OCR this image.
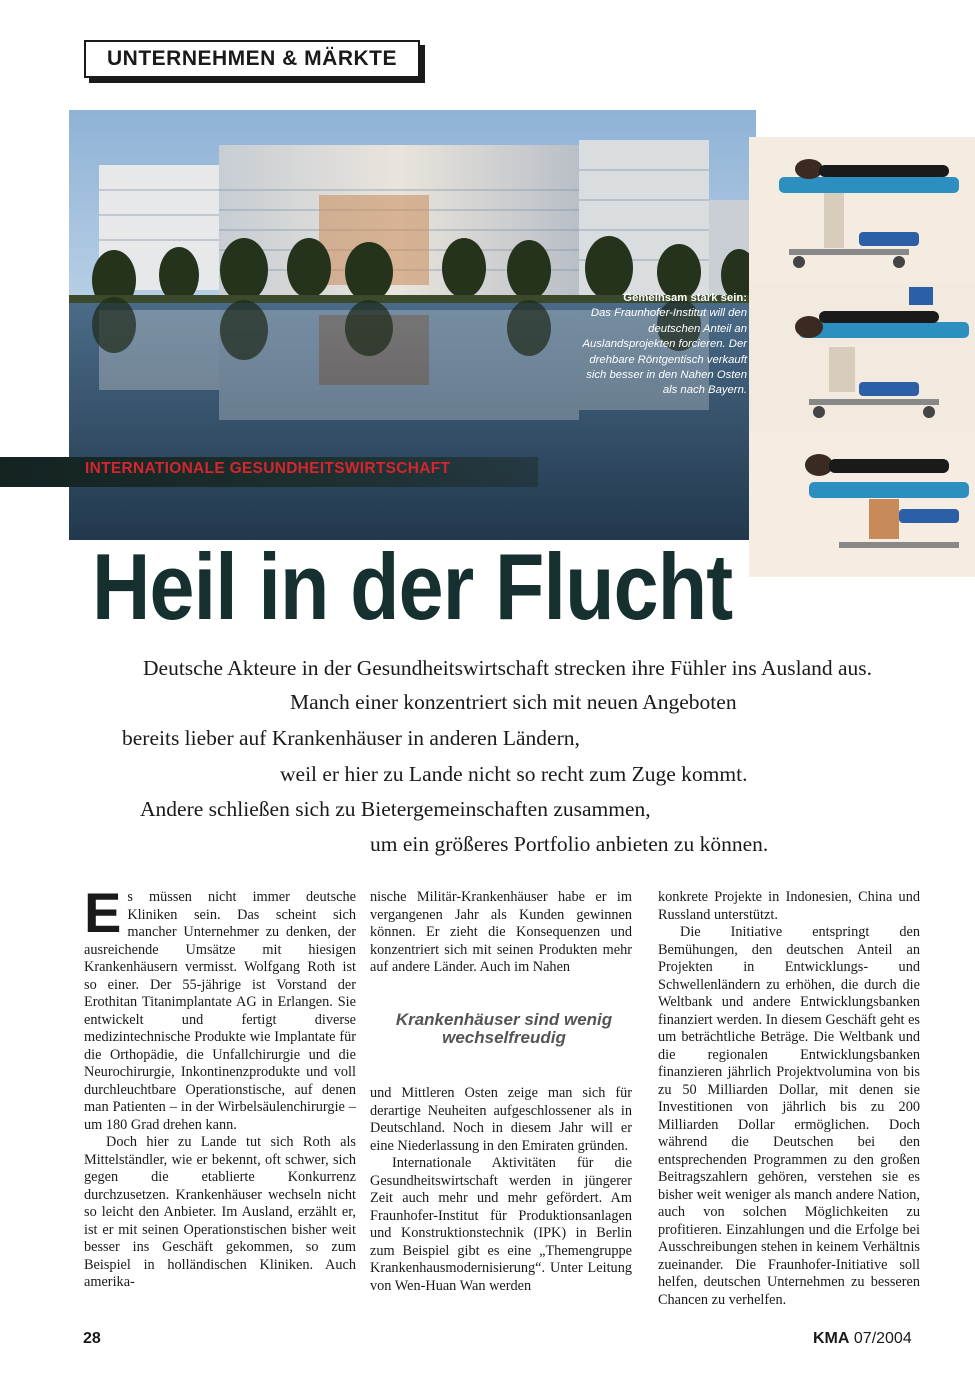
UNTERNEHMEN & MÄRKTE
INTERNATIONALE GESUNDHEITSWIRTSCHAFT
Gemeinsam stark sein:
Das Fraunhofer-Institut will den deutschen Anteil an Auslandsprojekten forcieren. Der drehbare Röntgentisch verkauft sich besser in den Nahen Osten als nach Bayern.
Heil in der Flucht
Deutsche Akteure in der Gesundheitswirtschaft strecken ihre Fühler ins Ausland aus.
Manch einer konzentriert sich mit neuen Angeboten
bereits lieber auf Krankenhäuser in anderen Ländern,
weil er hier zu Lande nicht so recht zum Zuge kommt.
Andere schließen sich zu Bietergemeinschaften zusammen,
um ein größeres Portfolio anbieten zu können.

Es müssen nicht immer deutsche Kliniken sein. Das scheint sich mancher Unternehmer zu denken, der ausreichende Umsätze mit hiesigen Krankenhäusern vermisst. Wolfgang Roth ist so einer. Der 55-jährige ist Vorstand der Erothitan Titanimplantate AG in Erlangen. Sie entwickelt und fertigt diverse medizintechnische Produkte wie Implantate für die Orthopädie, die Unfallchirurgie und die Neurochirurgie, Inkontinenzprodukte und voll durchleuchtbare Operationstische, auf denen man Patienten – in der Wirbelsäulenchirurgie – um 180 Grad drehen kann.

Doch hier zu Lande tut sich Roth als Mittelständler, wie er bekennt, oft schwer, sich gegen die etablierte Konkurrenz durchzusetzen. Krankenhäuser wechseln nicht so leicht den Anbieter. Im Ausland, erzählt er, ist er mit seinen Operationstischen bisher weit besser ins Geschäft gekommen, so zum Beispiel in holländischen Kliniken. Auch amerika-

nische Militär-Krankenhäuser habe er im vergangenen Jahr als Kunden gewinnen können. Er zieht die Konsequenzen und konzentriert sich mit seinen Produkten mehr auf andere Länder. Auch im Nahen

Krankenhäuser sind wenig wechselfreudig

und Mittleren Osten zeige man sich für derartige Neuheiten aufgeschlossener als in Deutschland. Noch in diesem Jahr will er eine Niederlassung in den Emiraten gründen.

Internationale Aktivitäten für die Gesundheitswirtschaft werden in jüngerer Zeit auch mehr und mehr gefördert. Am Fraunhofer-Institut für Produktionsanlagen und Konstruktionstechnik (IPK) in Berlin zum Beispiel gibt es eine „Themengruppe Krankenhausmodernisierung“. Unter Leitung von Wen-Huan Wan werden

konkrete Projekte in Indonesien, China und Russland unterstützt.

Die Initiative entspringt den Bemühungen, den deutschen Anteil an Projekten in Entwicklungs- und Schwellenländern zu erhöhen, die durch die Weltbank und andere Entwicklungsbanken finanziert werden. In diesem Geschäft geht es um beträchtliche Beträge. Die Weltbank und die regionalen Entwicklungsbanken finanzieren jährlich Projektvolumina von bis zu 50 Milliarden Dollar, mit denen sie Investitionen von jährlich bis zu 200 Milliarden Dollar ermöglichen. Doch während die Deutschen bei den entsprechenden Programmen zu den großen Beitragszahlern gehören, verstehen sie es bisher weit weniger als manch andere Nation, auch von solchen Möglichkeiten zu profitieren. Einzahlungen und die Erfolge bei Ausschreibungen stehen in keinem Verhältnis zueinander. Die Fraunhofer-Initiative soll helfen, deutschen Unternehmen zu besseren Chancen zu verhelfen.

28	KMA 07/2004
